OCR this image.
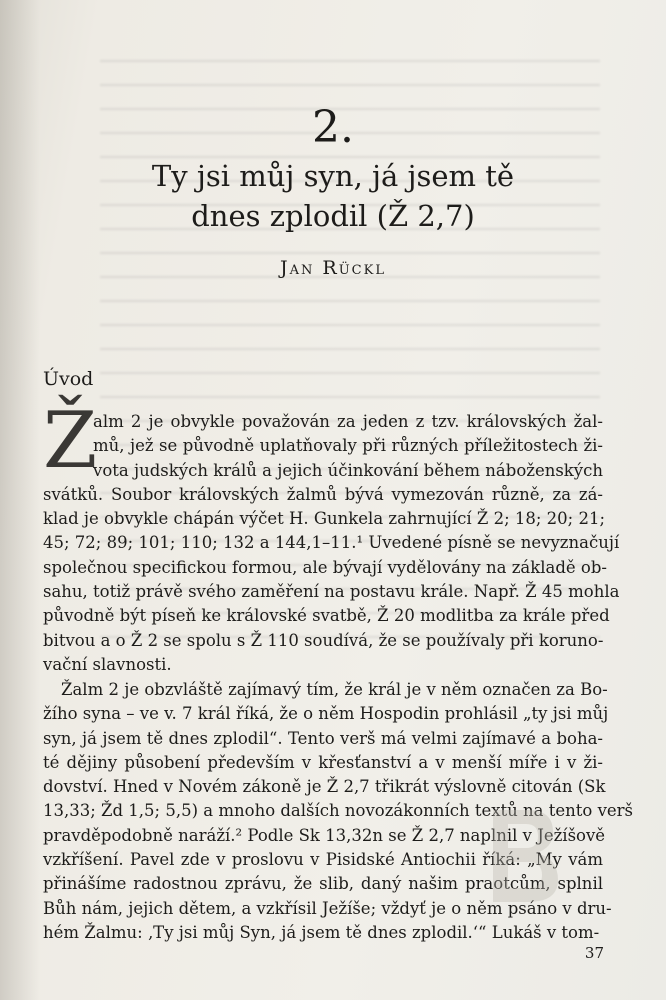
2.
Ty jsi můj syn, já jsem tě
dnes zplodil (Ž 2,7)
Jan Rückl
Úvod
Ž
alm 2 je obvykle považován za jeden z tzv. královských žal-
mů, jež se původně uplatňovaly při různých příležitostech ži-
vota judských králů a jejich účinkování během náboženských
svátků. Soubor královských žalmů bývá vymezován různě, za zá-
klad je obvykle chápán výčet H. Gunkela zahrnující Ž 2; 18; 20; 21;
45; 72; 89; 101; 110; 132 a 144,1–11.¹ Uvedené písně se nevyznačují
společnou specifickou formou, ale bývají vydělovány na základě ob-
sahu, totiž právě svého zaměření na postavu krále. Např. Ž 45 mohla
původně být píseň ke královské svatbě, Ž 20 modlitba za krále před
bitvou a o Ž 2 se spolu s Ž 110 soudívá, že se používaly při koruno-
vační slavnosti.
Žalm 2 je obzvláště zajímavý tím, že král je v něm označen za Bo-
žího syna – ve v. 7 král říká, že o něm Hospodin prohlásil „ty jsi můj
syn, já jsem tě dnes zplodil“. Tento verš má velmi zajímavé a boha-
té dějiny působení především v křesťanství a v menší míře i v ži-
dovství. Hned v Novém zákoně je Ž 2,7 třikrát výslovně citován (Sk
13,33; Žd 1,5; 5,5) a mnoho dalších novozákonních textů na tento verš
pravděpodobně naráží.² Podle Sk 13,32n se Ž 2,7 naplnil v Ježíšově
vzkříšení. Pavel zde v proslovu v Pisidské Antiochii říká: „My vám
přinášíme radostnou zprávu, že slib, daný našim praotcům, splnil
Bůh nám, jejich dětem, a vzkřísil Ježíše; vždyť je o něm psáno v dru-
hém Žalmu: ‚Ty jsi můj Syn, já jsem tě dnes zplodil.‘“ Lukáš v tom-
37
